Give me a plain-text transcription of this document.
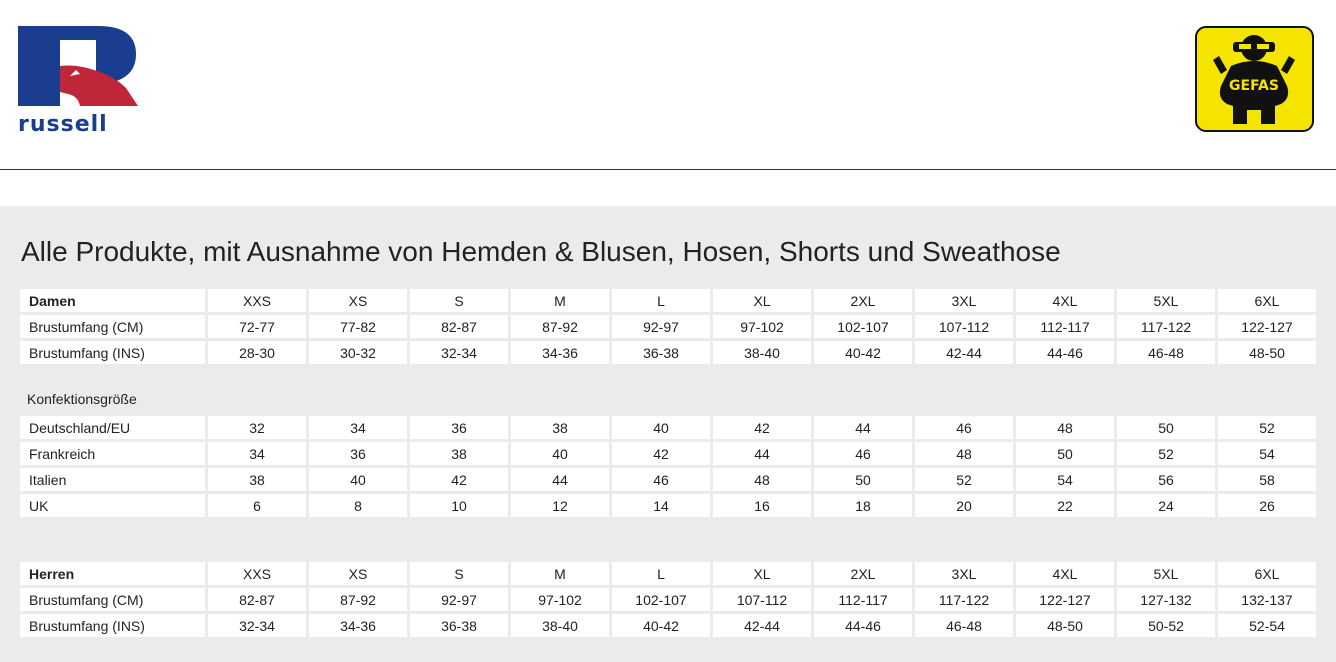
russell
GEFAS
Alle Produkte, mit Ausnahme von Hemden & Blusen, Hosen, Shorts und Sweathose
Damen	XXS	XS	S	M	L	XL	2XL	3XL	4XL	5XL	6XL
Brustumfang (CM)	72-77	77-82	82-87	87-92	92-97	97-102	102-107	107-112	112-117	117-122	122-127
Brustumfang (INS)	28-30	30-32	32-34	34-36	36-38	38-40	40-42	42-44	44-46	46-48	48-50
Konfektionsgröße
Deutschland/EU	32	34	36	38	40	42	44	46	48	50	52
Frankreich	34	36	38	40	42	44	46	48	50	52	54
Italien	38	40	42	44	46	48	50	52	54	56	58
UK	6	8	10	12	14	16	18	20	22	24	26
Herren	XXS	XS	S	M	L	XL	2XL	3XL	4XL	5XL	6XL
Brustumfang (CM)	82-87	87-92	92-97	97-102	102-107	107-112	112-117	117-122	122-127	127-132	132-137
Brustumfang (INS)	32-34	34-36	36-38	38-40	40-42	42-44	44-46	46-48	48-50	50-52	52-54
